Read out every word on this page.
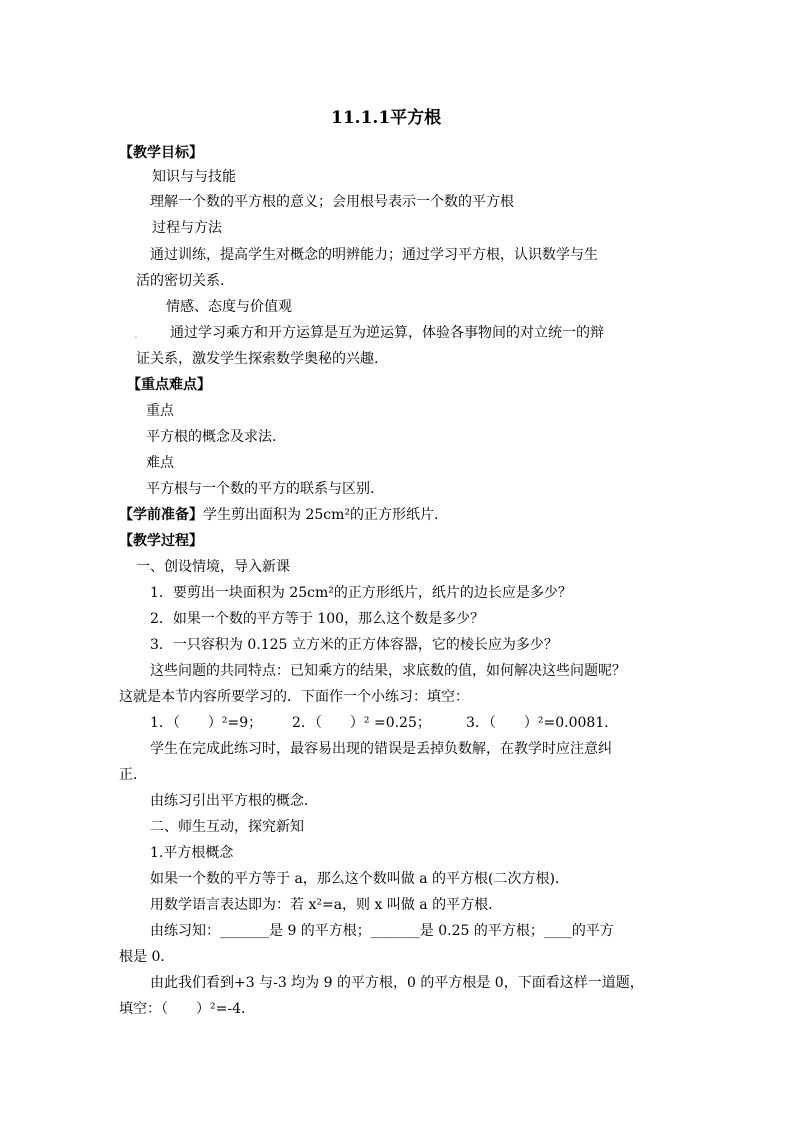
11.1.1平方根
【教学目标】
知识与与技能
理解一个数的平方根的意义；会用根号表示一个数的平方根
过程与方法
通过训练，提高学生对概念的明辨能力；通过学习平方根，认识数学与生
活的密切关系.
情感、态度与价值观
. 通过学习乘方和开方运算是互为逆运算，体验各事物间的对立统一的辩
证关系，激发学生探索数学奥秘的兴趣.
【重点难点】
重点
平方根的概念及求法.
难点
平方根与一个数的平方的联系与区别.
【学前准备】学生剪出面积为 25cm²的正方形纸片.
【教学过程】
一、创设情境，导入新课
1．要剪出一块面积为 25cm²的正方形纸片，纸片的边长应是多少？
2．如果一个数的平方等于 100，那么这个数是多少？
3．一只容积为 0.125 立方米的正方体容器，它的棱长应为多少？
这些问题的共同特点：已知乘方的结果，求底数的值，如何解决这些问题呢？
这就是本节内容所要学习的．下面作一个小练习：填空：
1．（　　）²=9； 2．（　　）² =0.25；	3．（　　）²=0.0081．
学生在完成此练习时，最容易出现的错误是丢掉负数解，在教学时应注意纠
正．
由练习引出平方根的概念．
二、师生互动，探究新知
1.平方根概念
如果一个数的平方等于 a，那么这个数叫做 a 的平方根(二次方根)．
用数学语言表达即为：若 x²=a，则 x 叫做 a 的平方根．
由练习知：_______是 9 的平方根；_______是 0.25 的平方根；____的平方
根是 0．
由此我们看到+3 与-3 均为 9 的平方根，0 的平方根是 0，下面看这样一道题，
填空：（　　）²=-4．
